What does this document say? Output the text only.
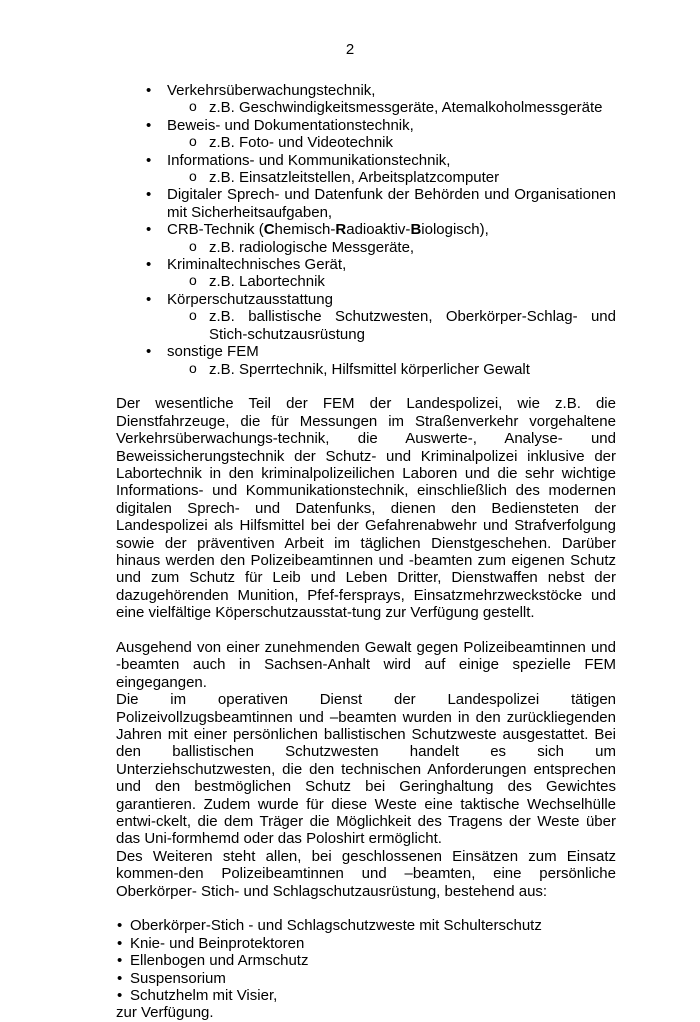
2
• Verkehrsüberwachungstechnik,
o z.B. Geschwindigkeitsmessgeräte, Atemalkoholmessgeräte
• Beweis- und Dokumentationstechnik,
o z.B. Foto- und Videotechnik
• Informations- und Kommunikationstechnik,
o z.B. Einsatzleitstellen, Arbeitsplatzcomputer
• Digitaler Sprech- und Datenfunk der Behörden und Organisationen mit Sicherheitsaufgaben,
• CRB-Technik (Chemisch-Radioaktiv-Biologisch),
o z.B. radiologische Messgeräte,
• Kriminaltechnisches Gerät,
o z.B. Labortechnik
• Körperschutzausstattung
o z.B. ballistische Schutzwesten, Oberkörper-Schlag- und Stich-schutzausrüstung
• sonstige FEM
o z.B. Sperrtechnik, Hilfsmittel körperlicher Gewalt

Der wesentliche Teil der FEM der Landespolizei, wie z.B. die Dienstfahrzeuge, die für Messungen im Straßenverkehr vorgehaltene Verkehrsüberwachungs-technik, die Auswerte-, Analyse- und Beweissicherungstechnik der Schutz- und Kriminalpolizei inklusive der Labortechnik in den kriminalpolizeilichen Laboren und die sehr wichtige Informations- und Kommunikationstechnik, einschließlich des modernen digitalen Sprech- und Datenfunks, dienen den Bediensteten der Landespolizei als Hilfsmittel bei der Gefahrenabwehr und Strafverfolgung sowie der präventiven Arbeit im täglichen Dienstgeschehen. Darüber hinaus werden den Polizeibeamtinnen und -beamten zum eigenen Schutz und zum Schutz für Leib und Leben Dritter, Dienstwaffen nebst der dazugehörenden Munition, Pfef-fersprays, Einsatzmehrzweckstöcke und eine vielfältige Köperschutzausstat-tung zur Verfügung gestellt.

Ausgehend von einer zunehmenden Gewalt gegen Polizeibeamtinnen und -beamten auch in Sachsen-Anhalt wird auf einige spezielle FEM eingegangen.

Die im operativen Dienst der Landespolizei tätigen Polizeivollzugsbeamtinnen und –beamten wurden in den zurückliegenden Jahren mit einer persönlichen ballistischen Schutzweste ausgestattet. Bei den ballistischen Schutzwesten handelt es sich um Unterziehschutzwesten, die den technischen Anforderungen entsprechen und den bestmöglichen Schutz bei Geringhaltung des Gewichtes garantieren. Zudem wurde für diese Weste eine taktische Wechselhülle entwi-ckelt, die dem Träger die Möglichkeit des Tragens der Weste über das Uni-formhemd oder das Poloshirt ermöglicht.

Des Weiteren steht allen, bei geschlossenen Einsätzen zum Einsatz kommen-den Polizeibeamtinnen und –beamten, eine persönliche Oberkörper- Stich- und Schlagschutzausrüstung, bestehend aus:

• Oberkörper-Stich - und Schlagschutzweste mit Schulterschutz
• Knie- und Beinprotektoren
• Ellenbogen und Armschutz
• Suspensorium
• Schutzhelm mit Visier,

zur Verfügung.
